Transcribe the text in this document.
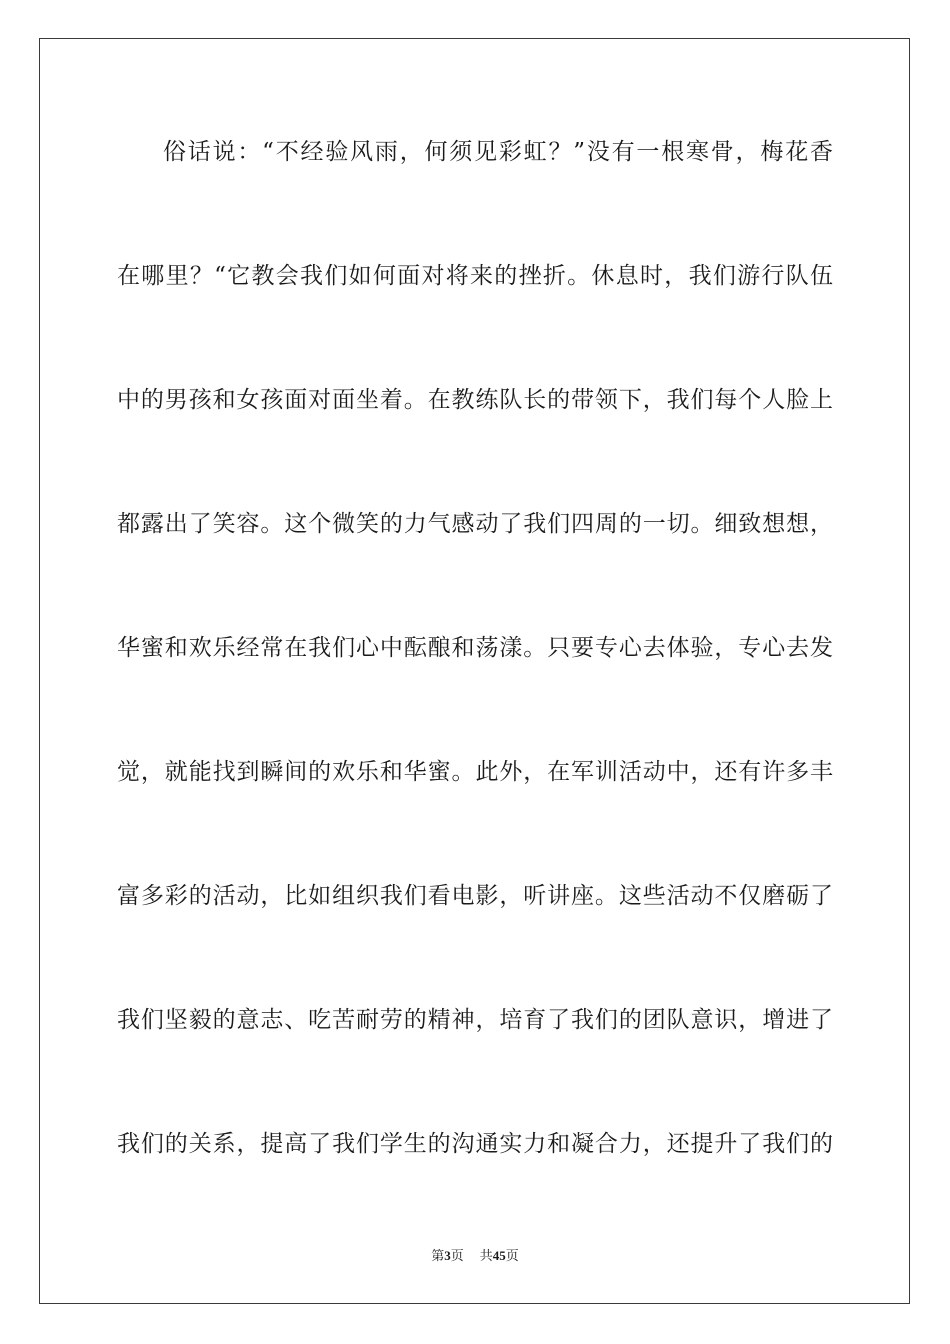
俗话说：“不经验风雨，何须见彩虹？”没有一根寒骨，梅花香
在哪里？“它教会我们如何面对将来的挫折。休息时，我们游行队伍
中的男孩和女孩面对面坐着。在教练队长的带领下，我们每个人脸上
都露出了笑容。这个微笑的力气感动了我们四周的一切。细致想想，
华蜜和欢乐经常在我们心中酝酿和荡漾。只要专心去体验，专心去发
觉，就能找到瞬间的欢乐和华蜜。此外，在军训活动中，还有许多丰
富多彩的活动，比如组织我们看电影，听讲座。这些活动不仅磨砺了
我们坚毅的意志、吃苦耐劳的精神，培育了我们的团队意识，增进了
我们的关系，提高了我们学生的沟通实力和凝合力，还提升了我们的
第3页 共45页
